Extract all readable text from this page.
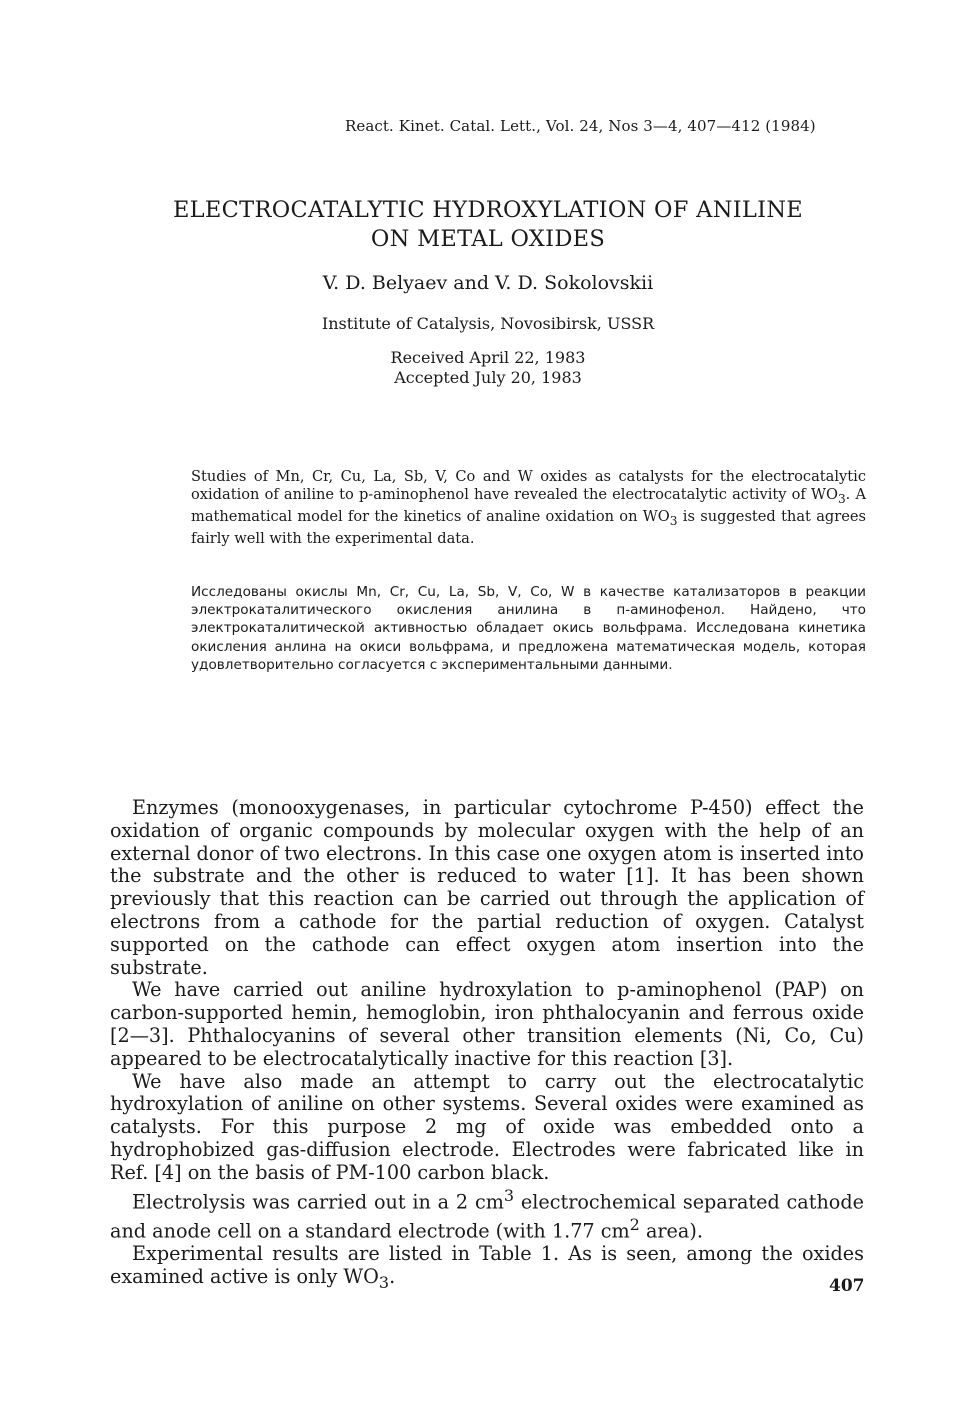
React. Kinet. Catal. Lett., Vol. 24, Nos 3—4, 407—412 (1984)
ELECTROCATALYTIC HYDROXYLATION OF ANILINE
ON METAL OXIDES
V. D. Belyaev and V. D. Sokolovskii
Institute of Catalysis, Novosibirsk, USSR
Received April 22, 1983
Accepted July 20, 1983
Studies of Mn, Cr, Cu, La, Sb, V, Co and W oxides as catalysts for the electrocatalytic oxidation of aniline to p-aminophenol have revealed the electrocatalytic activity of $WO_3$. A mathematical model for the kinetics of analine oxidation on $WO_3$ is suggested that agrees fairly well with the experimental data.
Исследованы окислы Mn, Cr, Cu, La, Sb, V, Co, W в качестве катализаторов в реакции электрокаталитического окисления анилина в п-аминофенол. Найдено, что электрокаталитической активностью обладает окись вольфрама. Исследована кинетика окисления анлина на окиси вольфрама, и предложена математическая модель, которая удовлетворительно согласуется с экспериментальными данными.

Enzymes (monooxygenases, in particular cytochrome P-450) effect the oxidation of organic compounds by molecular oxygen with the help of an external donor of two electrons. In this case one oxygen atom is inserted into the substrate and the other is reduced to water [1]. It has been shown previously that this reaction can be carried out through the application of electrons from a cathode for the partial reduction of oxygen. Catalyst supported on the cathode can effect oxygen atom insertion into the substrate.

We have carried out aniline hydroxylation to p-aminophenol (PAP) on carbon-supported hemin, hemoglobin, iron phthalocyanin and ferrous oxide [2—3]. Phthalocyanins of several other transition elements (Ni, Co, Cu) appeared to be electrocatalytically inactive for this reaction [3].

We have also made an attempt to carry out the electrocatalytic hydroxylation of aniline on other systems. Several oxides were examined as catalysts. For this purpose 2 mg of oxide was embedded onto a hydrophobized gas-diffusion electrode. Electrodes were fabricated like in Ref. [4] on the basis of PM-100 carbon black.

Electrolysis was carried out in a 2 $cm^3$ electrochemical separated cathode and anode cell on a standard electrode (with 1.77 $cm^2$ area).

Experimental results are listed in Table 1. As is seen, among the oxides examined active is only $WO_3$.	407
